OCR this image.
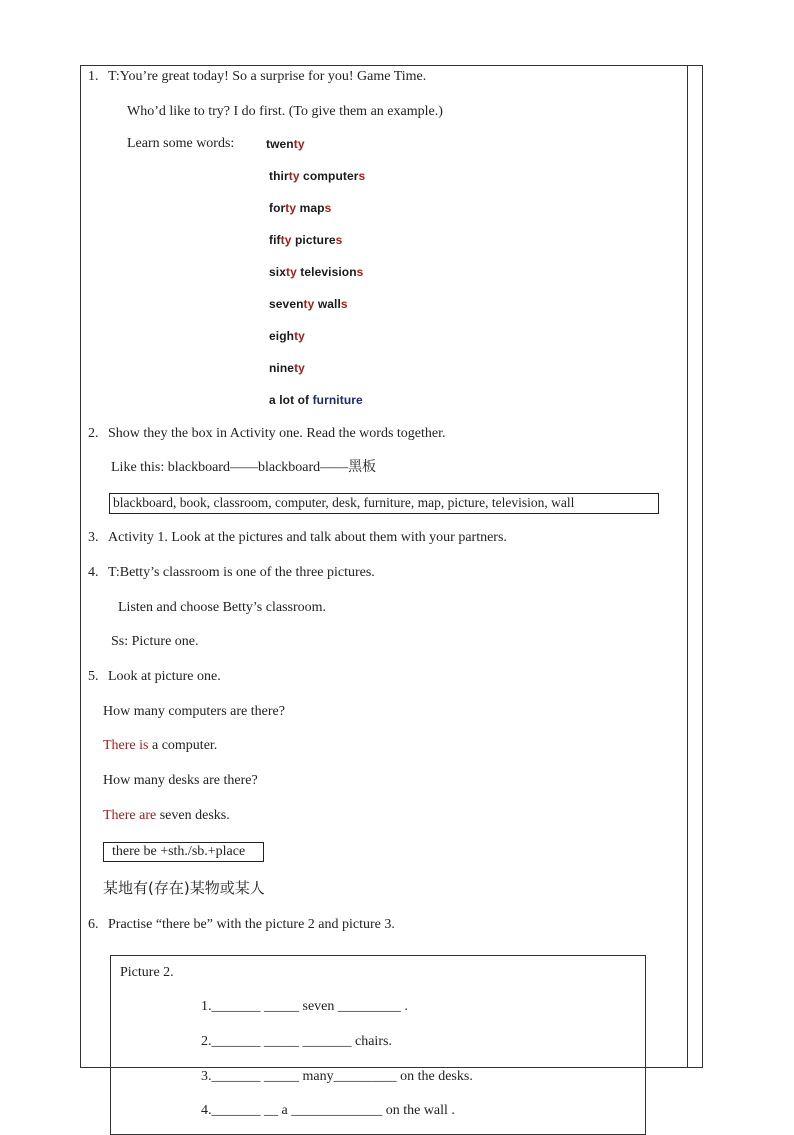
1. T:You’re great today! So a surprise for you! Game Time.
Who’d like to try? I do first. (To give them an example.)
Learn some words:	twenty
thirty computers
forty maps
fifty pictures
sixty televisions
seventy walls
eighty
ninety
a lot of furniture
2. Show they the box in Activity one. Read the words together.
Like this: blackboard——blackboard——黑板
blackboard, book, classroom, computer, desk, furniture, map, picture, television, wall
3. Activity 1. Look at the pictures and talk about them with your partners.
4. T:Betty’s classroom is one of the three pictures.
Listen and choose Betty’s classroom.
Ss: Picture one.
5. Look at picture one.
How many computers are there?
There is a computer.
How many desks are there?
There are seven desks.
there be +sth./sb.+place
某地有(存在)某物或某人
6. Practise “there be” with the picture 2 and picture 3.
Picture 2.
1._______ _____ seven _________ .
2._______ _____ _______ chairs.
3._______ _____ many_________ on the desks.
4._______ __ a _____________ on the wall .
